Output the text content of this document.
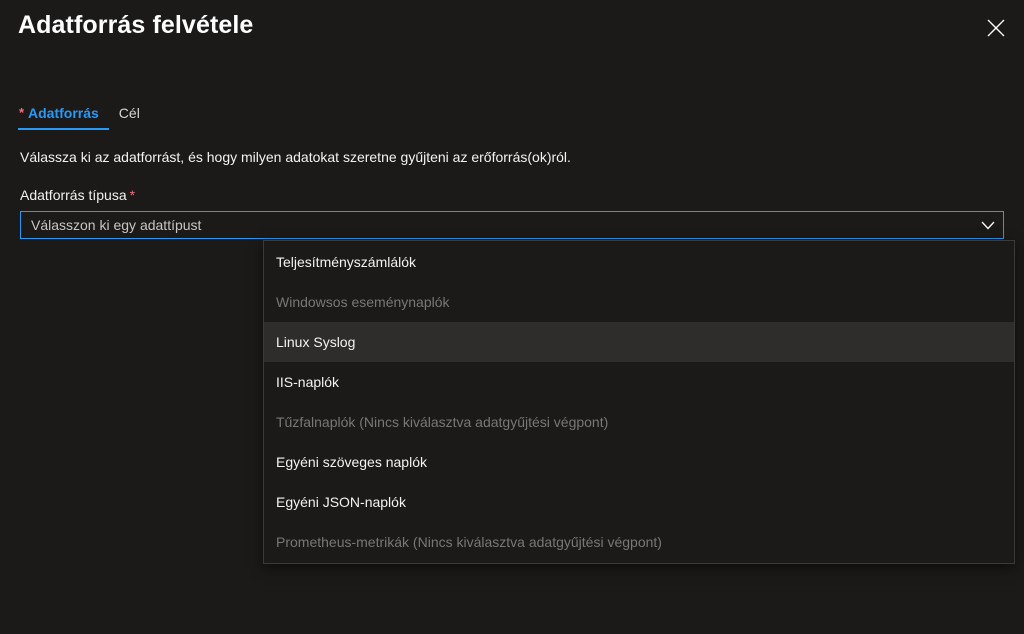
Adatforrás felvétele
* Adatforrás	Cél
Válassza ki az adatforrást, és hogy milyen adatokat szeretne gyűjteni az erőforrás(ok)ról.
Adatforrás típusa *
Válasszon ki egy adattípust
Teljesítményszámlálók
Windowsos eseménynaplók
Linux Syslog
IIS-naplók
Tűzfalnaplók (Nincs kiválasztva adatgyűjtési végpont)
Egyéni szöveges naplók
Egyéni JSON-naplók
Prometheus-metrikák (Nincs kiválasztva adatgyűjtési végpont)
